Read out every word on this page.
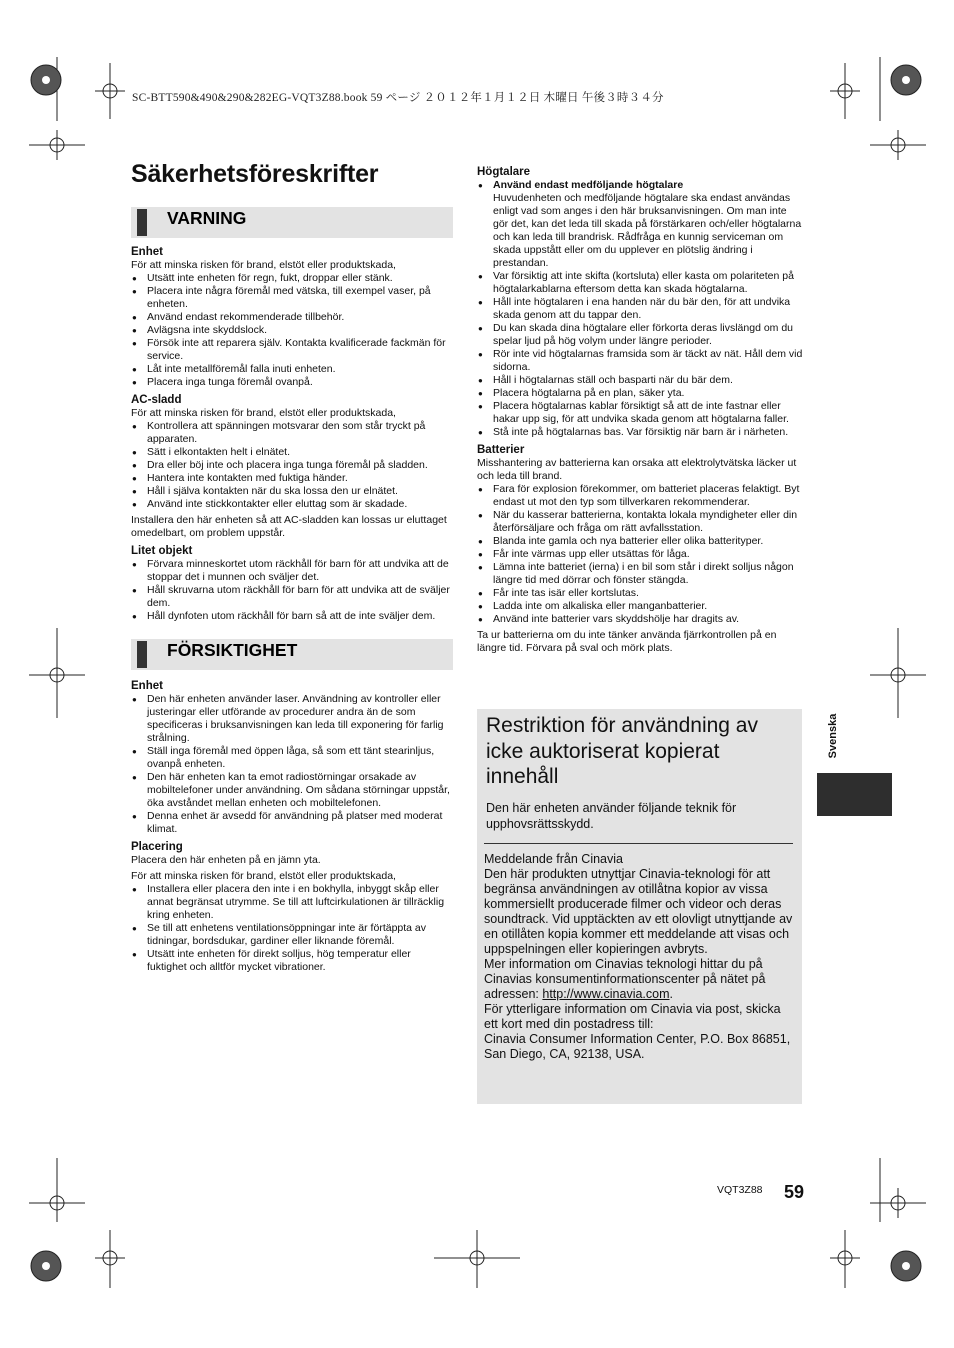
SC-BTT590&490&290&282EG-VQT3Z88.book 59 ページ ２０１２年１月１２日 木曜日 午後３時３４分
Säkerhetsföreskrifter
VARNING

Enhet

För att minska risken för brand, elstöt eller produktskada,

● Utsätt inte enheten för regn, fukt, droppar eller stänk.
● Placera inte några föremål med vätska, till exempel vaser, på enheten.
● Använd endast rekommenderade tillbehör.
● Avlägsna inte skyddslock.
● Försök inte att reparera själv. Kontakta kvalificerade fackmän för service.
● Låt inte metallföremål falla inuti enheten.
● Placera inga tunga föremål ovanpå.

AC-sladd

För att minska risken för brand, elstöt eller produktskada,

● Kontrollera att spänningen motsvarar den som står tryckt på apparaten.
● Sätt i elkontakten helt i elnätet.
● Dra eller böj inte och placera inga tunga föremål på sladden.
● Hantera inte kontakten med fuktiga händer.
● Håll i själva kontakten när du ska lossa den ur elnätet.
● Använd inte stickkontakter eller eluttag som är skadade.

Installera den här enheten så att AC-sladden kan lossas ur eluttaget omedelbart, om problem uppstår.

Litet objekt

● Förvara minneskortet utom räckhåll för barn för att undvika att de stoppar det i munnen och sväljer det.
● Håll skruvarna utom räckhåll för barn för att undvika att de sväljer dem.
● Håll dynfoten utom räckhåll för barn så att de inte sväljer dem.
FÖRSIKTIGHET

Enhet

● Den här enheten använder laser. Användning av kontroller eller justeringar eller utförande av procedurer andra än de som specificeras i bruksanvisningen kan leda till exponering för farlig strålning.
● Ställ inga föremål med öppen låga, så som ett tänt stearinljus, ovanpå enheten.
● Den här enheten kan ta emot radiostörningar orsakade av mobiltelefoner under användning. Om sådana störningar uppstår, öka avståndet mellan enheten och mobiltelefonen.
● Denna enhet är avsedd för användning på platser med moderat klimat.

Placering

Placera den här enheten på en jämn yta.

För att minska risken för brand, elstöt eller produktskada,

● Installera eller placera den inte i en bokhylla, inbyggt skåp eller annat begränsat utrymme. Se till att luftcirkulationen är tillräcklig kring enheten.
● Se till att enhetens ventilationsöppningar inte är förtäppta av tidningar, bordsdukar, gardiner eller liknande föremål.
● Utsätt inte enheten för direkt solljus, hög temperatur eller fuktighet och alltför mycket vibrationer.

Högtalare

● Använd endast medföljande högtalare

Huvudenheten och medföljande högtalare ska endast användas enligt vad som anges i den här bruksanvisningen. Om man inte gör det, kan det leda till skada på förstärkaren och/eller högtalarna och kan leda till brandrisk. Rådfråga en kunnig serviceman om skada uppstått eller om du upplever en plötslig ändring i prestandan.

● Var försiktig att inte skifta (kortsluta) eller kasta om polariteten på högtalarkablarna eftersom detta kan skada högtalarna.
● Håll inte högtalaren i ena handen när du bär den, för att undvika skada genom att du tappar den.
● Du kan skada dina högtalare eller förkorta deras livslängd om du spelar ljud på hög volym under längre perioder.
● Rör inte vid högtalarnas framsida som är täckt av nät. Håll dem vid sidorna.
● Håll i högtalarnas ställ och basparti när du bär dem.
● Placera högtalarna på en plan, säker yta.
● Placera högtalarnas kablar försiktigt så att de inte fastnar eller hakar upp sig, för att undvika skada genom att högtalarna faller.
● Stå inte på högtalarnas bas. Var försiktig när barn är i närheten.

Batterier

Misshantering av batterierna kan orsaka att elektrolytvätska läcker ut och leda till brand.

● Fara för explosion förekommer, om batteriet placeras felaktigt. Byt endast ut mot den typ som tillverkaren rekommenderar.
● När du kasserar batterierna, kontakta lokala myndigheter eller din återförsäljare och fråga om rätt avfallsstation.
● Blanda inte gamla och nya batterier eller olika batterityper.
● Får inte värmas upp eller utsättas för låga.
● Lämna inte batteriet (ierna) i en bil som står i direkt solljus någon längre tid med dörrar och fönster stängda.
● Får inte tas isär eller kortslutas.
● Ladda inte om alkaliska eller manganbatterier.
● Använd inte batterier vars skyddshölje har dragits av.

Ta ur batterierna om du inte tänker använda fjärrkontrollen på en längre tid. Förvara på sval och mörk plats.

Restriktion för användning av icke auktoriserat kopierat innehåll

Den här enheten använder följande teknik för upphovsrättsskydd.

Meddelande från Cinavia

Den här produkten utnyttjar Cinavia-teknologi för att begränsa användningen av otillåtna kopior av vissa kommersiellt producerade filmer och videor och deras soundtrack. Vid upptäckten av ett olovligt utnyttjande av en otillåten kopia kommer ett meddelande att visas och uppspelningen eller kopieringen avbryts.

Mer information om Cinavias teknologi hittar du på Cinavias konsumentinformationscenter på nätet på adressen: http://www.cinavia.com.

För ytterligare information om Cinavia via post, skicka ett kort med din postadress till:

Cinavia Consumer Information Center, P.O. Box 86851, San Diego, CA, 92138, USA.

Svenska
VQT3Z88 59
